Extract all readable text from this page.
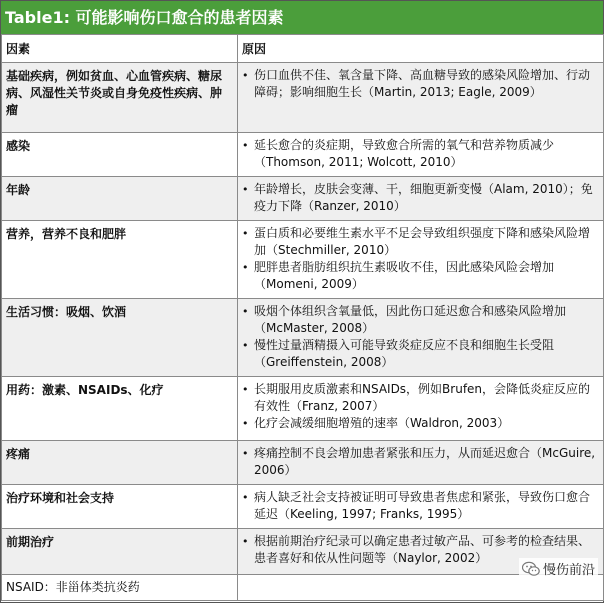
Table1: 可能影响伤口愈合的患者因素
因素	原因
基础疾病，例如贫血、心血管疾病、糖尿病、风湿性关节炎或自身免疫性疾病、肿瘤	• 伤口血供不佳、氧含量下降、高血糖导致的感染风险增加、行动障碍；影响细胞生长（Martin, 2013; Eagle, 2009）

感染	• 延长愈合的炎症期，导致愈合所需的氧气和营养物质减少（Thomson, 2011; Wolcott, 2010）

年龄	• 年龄增长，皮肤会变薄、干，细胞更新变慢（Alam, 2010）；免疫力下降（Ranzer, 2010）

营养，营养不良和肥胖	• 蛋白质和必要维生素水平不足会导致组织强度下降和感染风险增加（Stechmiller, 2010）
• 肥胖患者脂肪组织抗生素吸收不佳，因此感染风险会增加（Momeni, 2009）

生活习惯：吸烟、饮酒	• 吸烟个体组织含氧量低，因此伤口延迟愈合和感染风险增加（McMaster, 2008）
• 慢性过量酒精摄入可能导致炎症反应不良和细胞生长受阻（Greiffenstein, 2008）

用药：激素、NSAIDs、化疗	• 长期服用皮质激素和NSAIDs，例如Brufen，会降低炎症反应的有效性（Franz, 2007）
• 化疗会减缓细胞增殖的速率（Waldron, 2003）

疼痛	• 疼痛控制不良会增加患者紧张和压力，从而延迟愈合（McGuire, 2006）

治疗环境和社会支持	• 病人缺乏社会支持被证明可导致患者焦虑和紧张，导致伤口愈合延迟（Keeling, 1997; Franks, 1995）

前期治疗	• 根据前期治疗纪录可以确定患者过敏产品、可参考的检查结果、患者喜好和依从性问题等（Naylor, 2002）

NSAID：非甾体类抗炎药	
慢伤前沿
